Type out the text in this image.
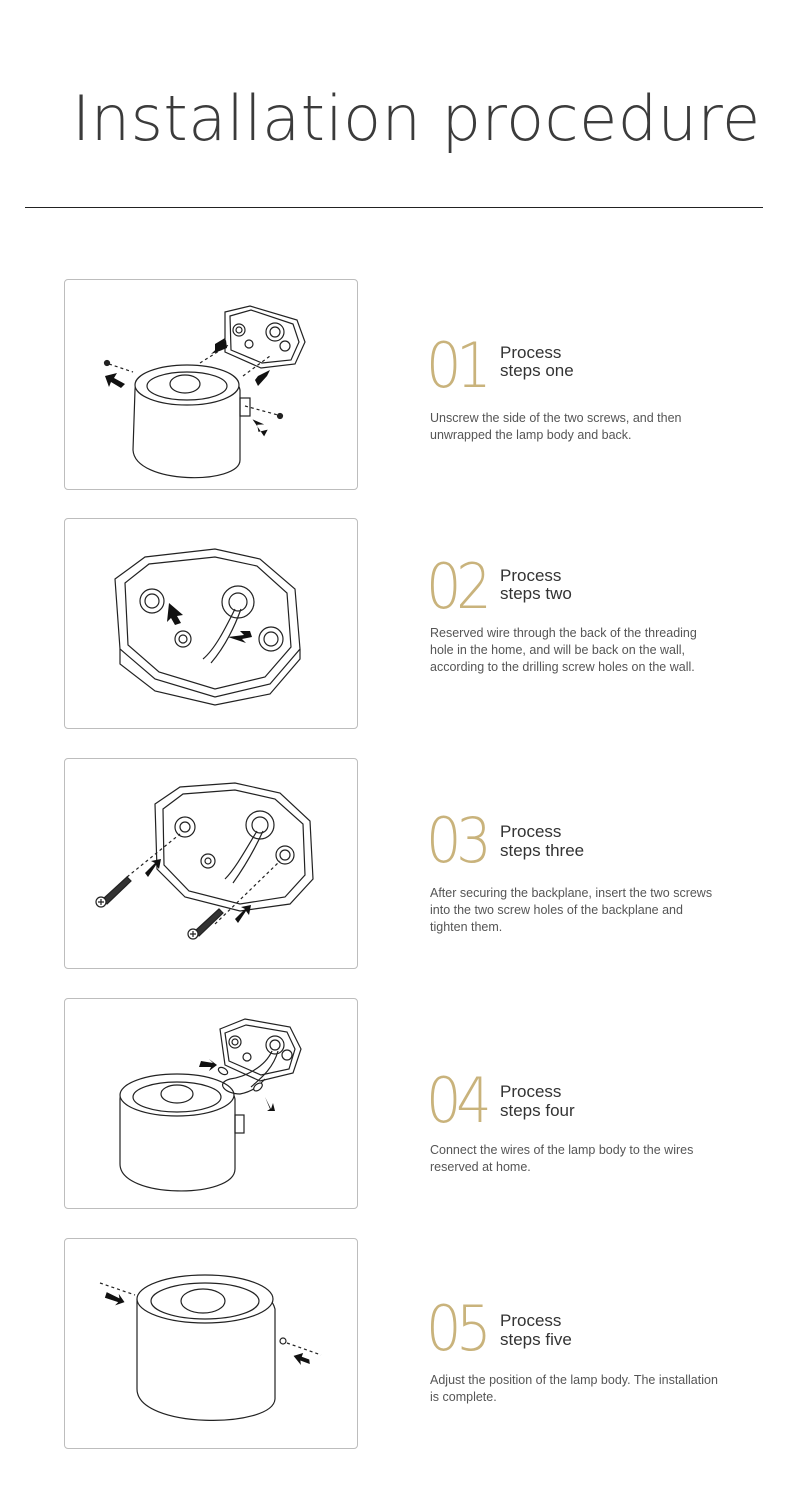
Installation procedure
01 Process
steps one
Unscrew the side of the two screws, and then unwrapped the lamp body and back.
02 Process
steps two
Reserved wire through the back of the threading hole in the home, and will be back on the wall, according to the drilling screw holes on the wall.
03 Process
steps three
After securing the backplane, insert the two screws into the two screw holes of the backplane and tighten them.
04 Process
steps four
Connect the wires of the lamp body to the wires reserved at home.
05 Process
steps five
Adjust the position of the lamp body. The installation is complete.
